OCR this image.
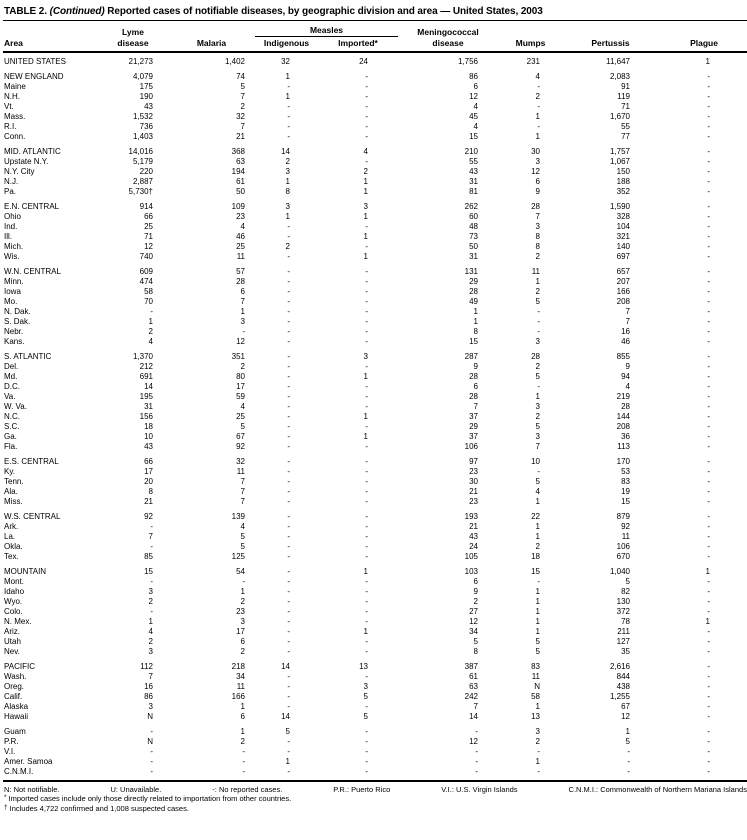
TABLE 2. (Continued) Reported cases of notifiable diseases, by geographic division and area — United States, 2003
	Lyme		Measles		Meningococcal			
Area	disease	Malaria	Indigenous	Imported*	disease	Mumps	Pertussis	Plague
UNITED STATES	21,273	1,402	32	24	1,756	231	11,647	1
NEW ENGLAND	4,079	74	1	-	86	4	2,083	-
Maine	175	5	-	-	6	-	91	-
N.H.	190	7	1	-	12	2	119	-
Vt.	43	2	-	-	4	-	71	-
Mass.	1,532	32	-	-	45	1	1,670	-
R.I.	736	7	-	-	4	-	55	-
Conn.	1,403	21	-	-	15	1	77	-
MID. ATLANTIC	14,016	368	14	4	210	30	1,757	-
Upstate N.Y.	5,179	63	2	-	55	3	1,067	-
N.Y. City	220	194	3	2	43	12	150	-
N.J.	2,887	61	1	1	31	6	188	-
Pa.	5,730†	50	8	1	81	9	352	-
E.N. CENTRAL	914	109	3	3	262	28	1,590	-
Ohio	66	23	1	1	60	7	328	-
Ind.	25	4	-	-	48	3	104	-
Ill.	71	46	-	1	73	8	321	-
Mich.	12	25	2	-	50	8	140	-
Wis.	740	11	-	1	31	2	697	-
W.N. CENTRAL	609	57	-	-	131	11	657	-
Minn.	474	28	-	-	29	1	207	-
Iowa	58	6	-	-	28	2	166	-
Mo.	70	7	-	-	49	5	208	-
N. Dak.	-	1	-	-	1	-	7	-
S. Dak.	1	3	-	-	1	-	7	-
Nebr.	2	-	-	-	8	-	16	-
Kans.	4	12	-	-	15	3	46	-
S. ATLANTIC	1,370	351	-	3	287	28	855	-
Del.	212	2	-	-	9	2	9	-
Md.	691	80	-	1	28	5	94	-
D.C.	14	17	-	-	6	-	4	-
Va.	195	59	-	-	28	1	219	-
W. Va.	31	4	-	-	7	3	28	-
N.C.	156	25	-	1	37	2	144	-
S.C.	18	5	-	-	29	5	208	-
Ga.	10	67	-	1	37	3	36	-
Fla.	43	92	-	-	106	7	113	-
E.S. CENTRAL	66	32	-	-	97	10	170	-
Ky.	17	11	-	-	23	-	53	-
Tenn.	20	7	-	-	30	5	83	-
Ala.	8	7	-	-	21	4	19	-
Miss.	21	7	-	-	23	1	15	-
W.S. CENTRAL	92	139	-	-	193	22	879	-
Ark.	-	4	-	-	21	1	92	-
La.	7	5	-	-	43	1	11	-
Okla.	-	5	-	-	24	2	106	-
Tex.	85	125	-	-	105	18	670	-
MOUNTAIN	15	54	-	1	103	15	1,040	1
Mont.	-	-	-	-	6	-	5	-
Idaho	3	1	-	-	9	1	82	-
Wyo.	2	2	-	-	2	1	130	-
Colo.	-	23	-	-	27	1	372	-
N. Mex.	1	3	-	-	12	1	78	1
Ariz.	4	17	-	1	34	1	211	-
Utah	2	6	-	-	5	5	127	-
Nev.	3	2	-	-	8	5	35	-
PACIFIC	112	218	14	13	387	83	2,616	-
Wash.	7	34	-	-	61	11	844	-
Oreg.	16	11	-	3	63	N	438	-
Calif.	86	166	-	5	242	58	1,255	-
Alaska	3	1	-	-	7	1	67	-
Hawaii	N	6	14	5	14	13	12	-
Guam	-	1	5	-	-	3	1	-
P.R.	N	2	-	-	12	2	5	-
V.I.	-	-	-	-	-	-	-	-
Amer. Samoa	-	-	1	-	-	1	-	-
C.N.M.I.	-	-	-	-	-	-	-	-
N: Not notifiable.	U: Unavailable.	-: No reported cases.	P.R.: Puerto Rico	V.I.: U.S. Virgin Islands	C.N.M.I.: Commonwealth of Northern Mariana Islands
* Imported cases include only those directly related to importation from other countries.
† Includes 4,722 confirmed and 1,008 suspected cases.
